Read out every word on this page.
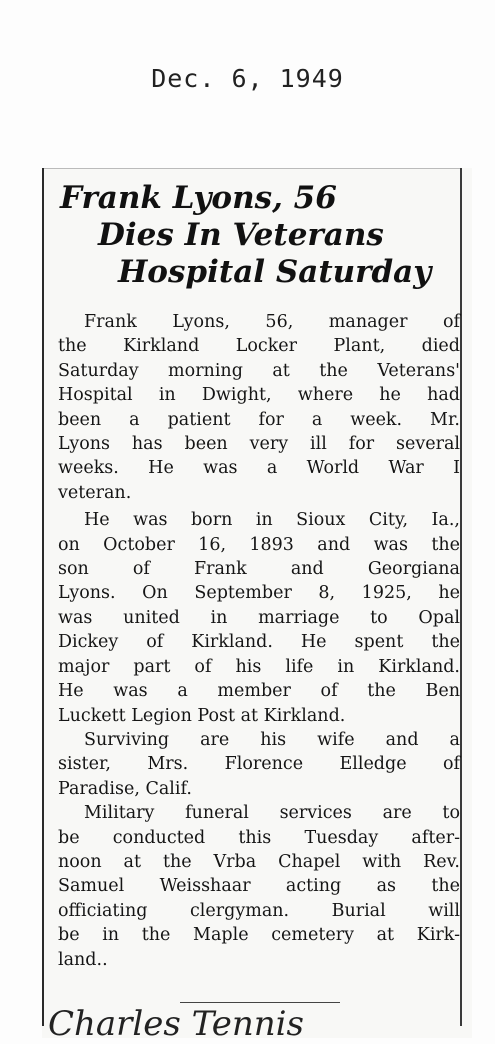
Dec. 6, 1949
Frank Lyons, 56
Dies In Veterans
Hospital Saturday
Frank Lyons, 56, manager of
the Kirkland Locker Plant, died
Saturday morning at the Veterans'
Hospital in Dwight, where he had
been a patient for a week. Mr.
Lyons has been very ill for several
weeks. He was a World War I
veteran.
He was born in Sioux City, Ia.,
on October 16, 1893 and was the
son of Frank and Georgiana
Lyons. On September 8, 1925, he
was united in marriage to Opal
Dickey of Kirkland. He spent the
major part of his life in Kirkland.
He was a member of the Ben
Luckett Legion Post at Kirkland.
Surviving are his wife and a
sister, Mrs. Florence Elledge of
Paradise, Calif.
Military funeral services are to
be conducted this Tuesday after-
noon at the Vrba Chapel with Rev.
Samuel Weisshaar acting as the
officiating clergyman. Burial will
be in the Maple cemetery at Kirk-
land..
Charles Tennis
